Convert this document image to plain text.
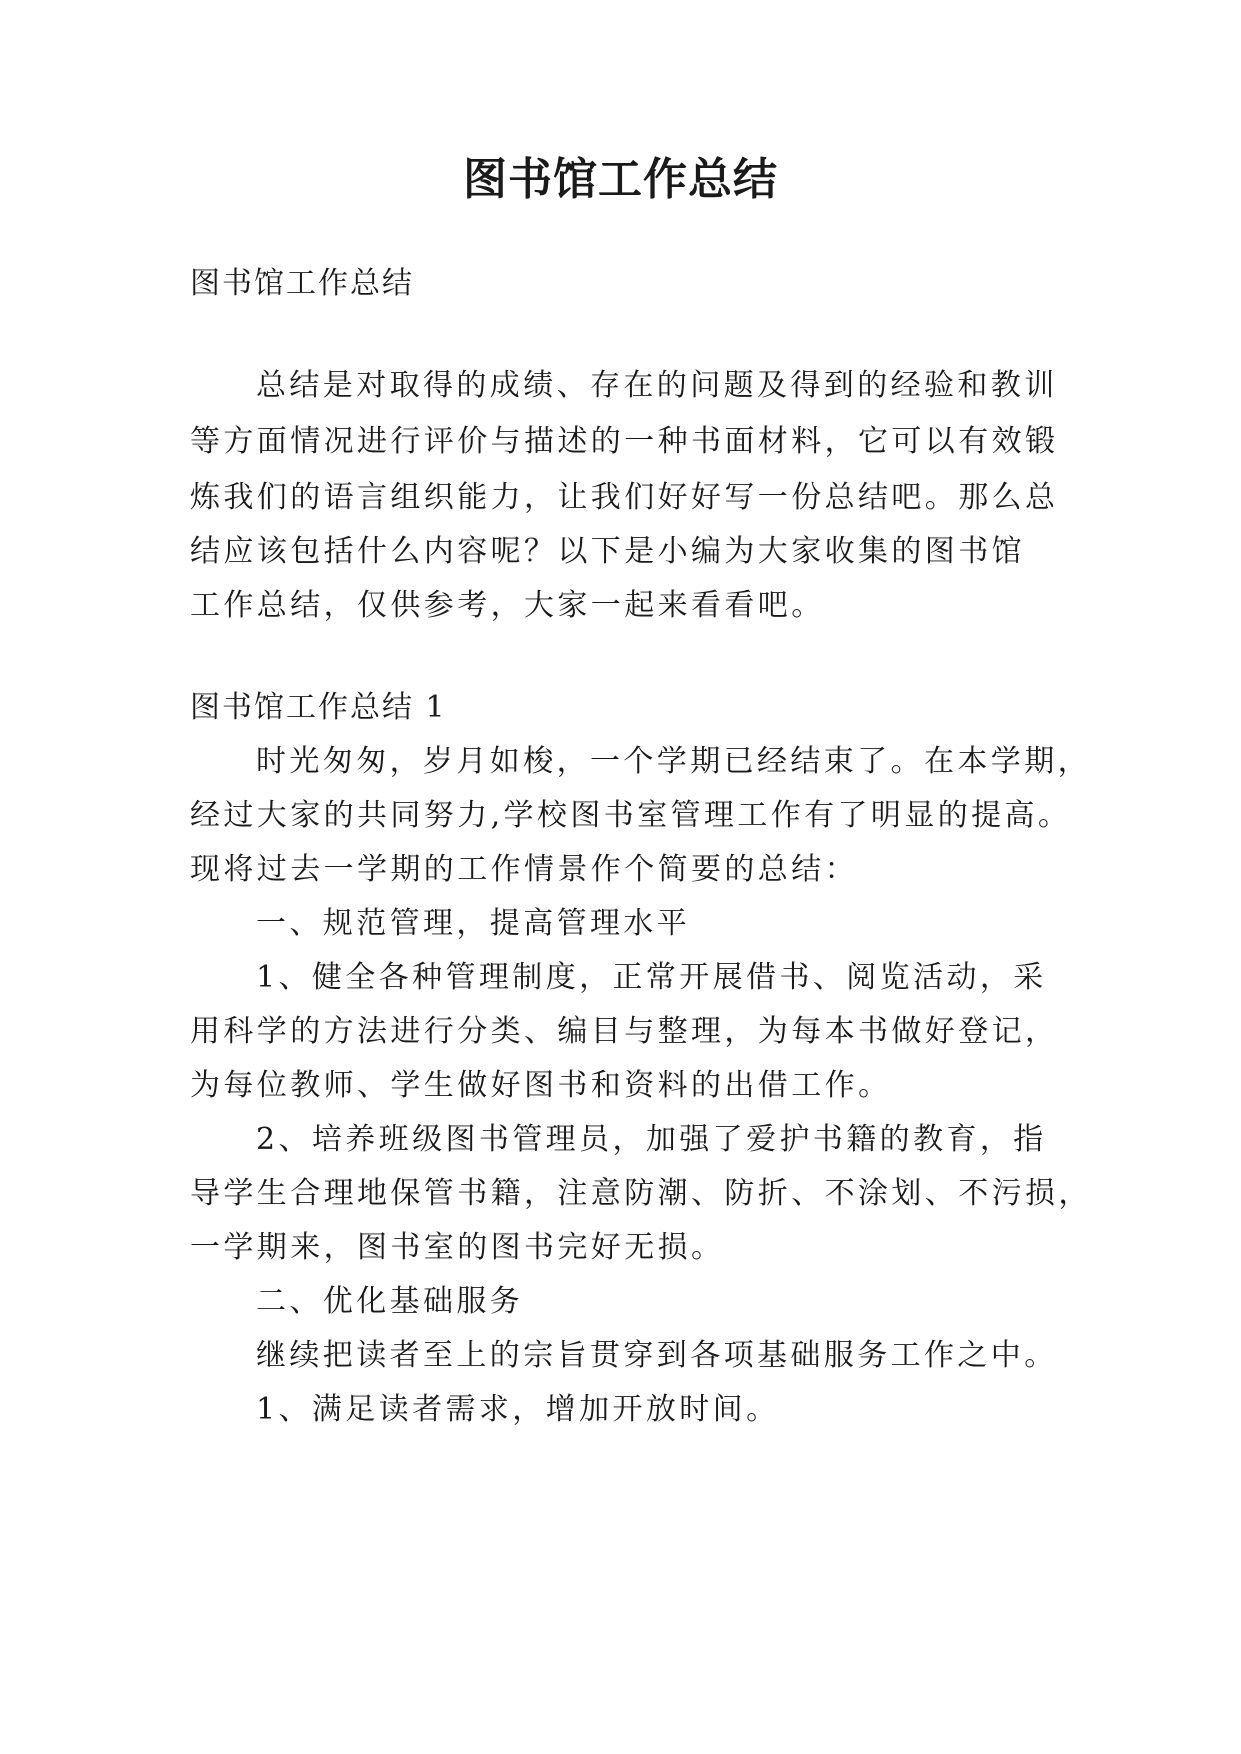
图书馆工作总结
图书馆工作总结
总结是对取得的成绩、存在的问题及得到的经验和教训
等方面情况进行评价与描述的一种书面材料，它可以有效锻
炼我们的语言组织能力，让我们好好写一份总结吧。那么总
结应该包括什么内容呢？以下是小编为大家收集的图书馆
工作总结，仅供参考，大家一起来看看吧。
图书馆工作总结 1
时光匆匆，岁月如梭，一个学期已经结束了。在本学期，
经过大家的共同努力,学校图书室管理工作有了明显的提高。
现将过去一学期的工作情景作个简要的总结：
一、规范管理，提高管理水平
1、健全各种管理制度，正常开展借书、阅览活动，采
用科学的方法进行分类、编目与整理，为每本书做好登记，
为每位教师、学生做好图书和资料的出借工作。
2、培养班级图书管理员，加强了爱护书籍的教育，指
导学生合理地保管书籍，注意防潮、防折、不涂划、不污损，
一学期来，图书室的图书完好无损。
二、优化基础服务
继续把读者至上的宗旨贯穿到各项基础服务工作之中。
1、满足读者需求，增加开放时间。
